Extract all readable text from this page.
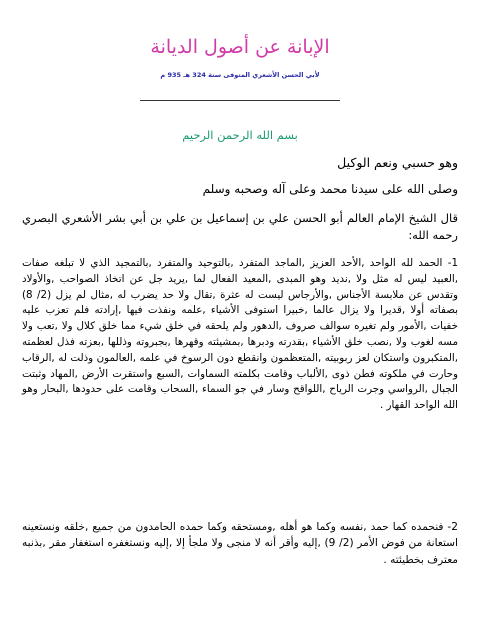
الإبانة عن أصول الديانة
لأبي الحسن الأشعري المتوفى سنة 324 هـ 935 م
بسم الله الرحمن الرحيم
وهو حسبي ونعم الوكيل
وصلى الله على سيدنا محمد وعلى آله وصحبه وسلم
قال الشيخ الإمام العالم أبو الحسن علي بن إسماعيل بن علي بن أبي بشر الأشعري البصري رحمه الله:
1- الحمد لله الواحد ,الأحد العزيز ,الماجد المتفرد ,بالتوحيد والمتفرد ,بالتمجيد الذي لا تبلغه صفات ,العبيد ليس له مثل ولا ,نديد وهو المبدى ,المعيد الفعال لما ,يريد جل عن اتخاذ الصواحب ,والأولاد وتقدس عن ملابسة الأجناس ,والأرجاس ليست له عثرة ,تقال ولا حد يضرب له ,مثال لم يزل (2/ 8) بصفاته أولا ,قديرا ولا يزال عالما ,خبيرا استوفى الأشياء ,علمه ونفذت فيها ,إرادته فلم تعزب عليه خفيات ,الأمور ولم تغيره سوالف صروف ,الدهور ولم يلحقه في خلق شيء مما خلق كلال ولا ,تعب ولا مسه لغوب ولا ,نصب خلق الأشياء ,بقدرته ودبرها ,بمشيئته وقهرها ,بجبروته وذللها ,بعزته فذل لعظمته ,المتكبرون واستكان لعز ربوبيته ,المتعظمون وانقطع دون الرسوخ في علمه ,العالمون وذلت له ,الرقاب وحارت في ملكوته فطن ذوى ,الألباب وقامت بكلمته السماوات ,السبع واستقرت الأرض ,المهاد وثبتت الجبال ,الرواسي وجرت الرياح ,اللواقح وسار في جو السماء ,السحاب وقامت على حدودها ,البحار وهو الله الواحد القهار .
2- فنحمده كما حمد ,نفسه وكما هو أهله ,ومستحقه وكما حمده الحامدون من جميع ,خلقه ونستعينه استعانة من فوض الأمر (2/ 9) ,إليه وأقر أنه لا منجى ولا ملجأ إلا ,إليه ونستغفره استغفار مقر ,بذنبه معترف بخطيئته .
